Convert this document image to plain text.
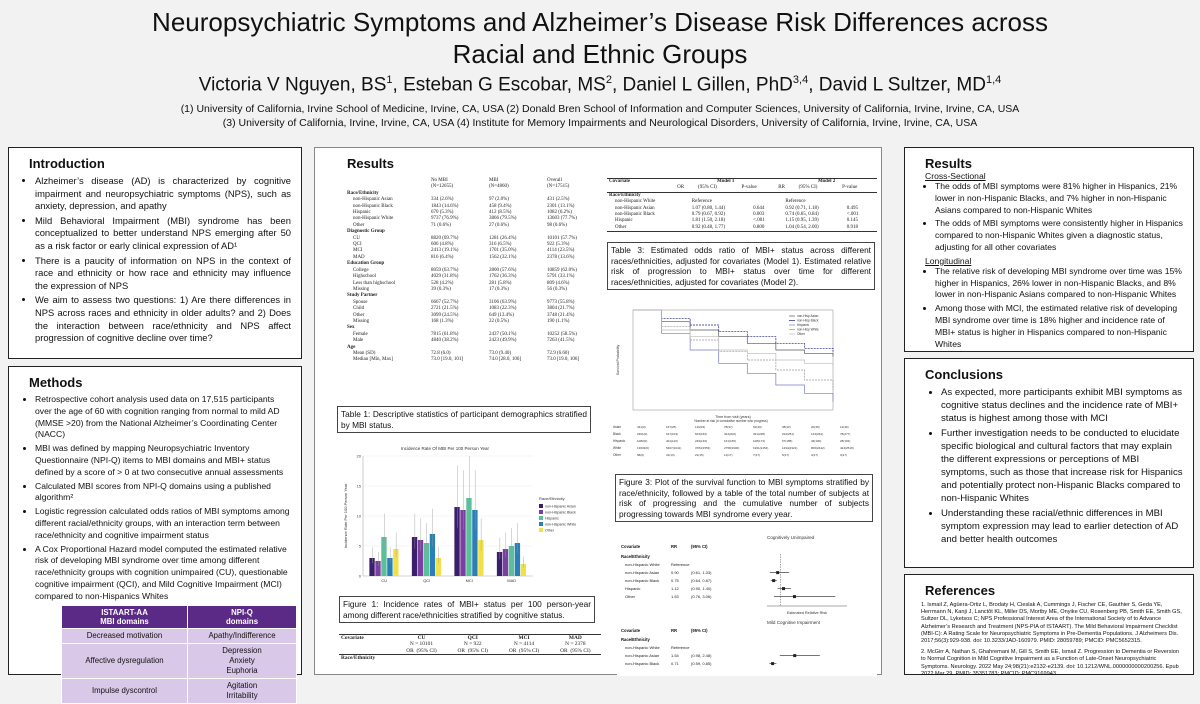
Neuropsychiatric Symptoms and Alzheimer’s Disease Risk Differences across Racial and Ethnic Groups
Victoria V Nguyen, $BS^1$, Esteban G Escobar, $MS^2$, Daniel L Gillen, PhD$^{3,4}$, David L Sultzer, MD$^{1,4}$
(1) University of California, Irvine School of Medicine, Irvine, CA, USA (2) Donald Bren School of Information and Computer Sciences, University of California, Irvine, Irvine, CA, USA
(3) University of California, Irvine, Irvine, CA, USA (4) Institute for Memory Impairments and Neurological Disorders, University of California, Irvine, Irvine, CA, USA
Introduction
• Alzheimer’s disease (AD) is characterized by cognitive impairment and neuropsychiatric symptoms (NPS), such as anxiety, depression, and apathy
• Mild Behavioral Impairment (MBI) syndrome has been conceptualized to better understand NPS emerging after 50 as a risk factor or early clinical expression of AD¹
• There is a paucity of information on NPS in the context of race and ethnicity or how race and ethnicity may influence the expression of NPS
• We aim to assess two questions: 1) Are there differences in NPS across races and ethnicity in older adults? and 2) Does the interaction between race/ethnicity and NPS affect progression of cognitive decline over time?
Methods
• Retrospective cohort analysis used data on 17,515 participants over the age of 60 with cognition ranging from normal to mild AD (MMSE >20) from the National Alzheimer’s Coordinating Center (NACC)
• MBI was defined by mapping Neuropsychiatric Inventory Questionnaire (NPI-Q) items to MBI domains and MBI+ status defined by a score of > 0 at two consecutive annual assessments
• Calculated MBI scores from NPI-Q domains using a published algorithm²
• Logistic regression calculated odds ratios of MBI symptoms among different racial/ethnicity groups, with an interaction term between race/ethnicity and cognitive impairment status
• A Cox Proportional Hazard model computed the estimated relative risk of developing MBI syndrome over time among different race/ethnicity groups with cognition unimpaired (CU), questionable cognitive impairment (QCI), and Mild Cognitive Impairment (MCI) compared to non-Hispanics Whites
ISTAART-AA
MBI domains	NPI-Q
domains
Decreased motivation	Apathy/Indifference
Affective dysregulation	Depression
Anxiety
Euphoria
Impulse dyscontrol	Agitation
Irritability
Results
	No MBI	MBI	Overall
	(N=12655)	(N=4860)	(N=17515)
Race/Ethnicity			
non-Hispanic Asian	334 (2.6%)	97 (2.0%)	431 (2.5%)
non-Hispanic Black	1843 (14.6%)	458 (9.4%)	2301 (13.1%)
Hispanic	670 (5.3%)	412 (8.5%)	1082 (6.2%)
non-Hispanic White	9737 (76.9%)	3866 (79.5%)	13603 (77.7%)
Other	71 (0.6%)	27 (0.6%)	98 (0.6%)
Diagnostic Group			
CU	8820 (69.7%)	1281 (26.4%)	10101 (57.7%)
QCI	606 (4.8%)	316 (6.5%)	922 (5.3%)
MCI	2413 (19.1%)	1701 (35.0%)	4114 (23.5%)
MAD	816 (6.4%)	1562 (32.1%)	2378 (13.6%)
Education Group			
College	8059 (63.7%)	2800 (57.6%)	10859 (62.0%)
Highschool	4029 (31.8%)	1762 (36.3%)	5791 (33.1%)
Less than highschool	528 (4.2%)	281 (5.8%)	809 (4.6%)
Missing	39 (0.3%)	17 (0.3%)	56 (0.3%)
Study Partner			
Spouse	6667 (52.7%)	3106 (63.9%)	9773 (55.8%)
Child	2721 (21.5%)	1083 (22.3%)	3804 (21.7%)
Other	3099 (24.5%)	649 (13.4%)	3748 (21.4%)
Missing	168 (1.3%)	22 (0.5%)	190 (1.1%)
Sex			
Female	7815 (61.8%)	2437 (50.1%)	10252 (58.5%)
Male	4840 (38.2%)	2423 (49.9%)	7263 (41.5%)
Age			
Mean (SD)	72.8 (6.0)	73.0 (9.40)	72.9 (6.60)
Median [Min, Max]	73.0 [19.0, 101]	74.0 [28.0, 106]	73.0 [19.0, 106]
Table 1: Descriptive statistics of participant demographics stratified by MBI status.
Incidence Rate Of MBI Per 100 Person Year
Incidence Rate Per 100 Person Year
0
5
10
15
20
CU	QCI	MCI	MAD
Race/Ethnicity
non-Hispanic Asian
non-Hispanic Black
Hispanic
non-Hispanic White
Other
Figure 1: Incidence rates of MBI+ status per 100 person-year among different race/ethnicities stratified by cognitive status.
Covariate	CU	QCI	MCI	MAD
	N = 10101	N = 922	N = 4114	N = 2378
	OR (95% CI)	OR (95% CI)	OR (95% CI)	OR (95% CI)
Race/Ethnicity				
Covariate	Model 1			Model 2		
	OR	(95% CI)	P-value	RR	(95% CI)	P-value
Race/Ethnicity						
non-Hispanic White	Reference			Reference		
non-Hispanic Asian	1.07 (0.80, 1.44)	0.644		0.92 (0.71, 1.18)	0.495	
non-Hispanic Black	0.79 (0.67, 0.92)	0.003		0.74 (0.65, 0.84)	<.001	
Hispanic	1.81 (1.50, 2.18)	<.001		1.15 (0.95, 1.39)	0.145	
Other	0.92 (0.48, 1.77)	0.800		1.04 (0.54, 2.00)	0.918	
Table 3: Estimated odds ratio of MBI+ status across different races/ethnicities, adjusted for covariates (Model 1). Estimated relative risk of progression to MBI+ status over time for different races/ethnicities, adjusted for covariates (Model 2).
Survival Probability
Time from visit (years)
non-Hisp Asian
non-Hisp Black
Hispanic
non-Hisp White
Other
Number at risk (# cumulative number who progress)
Asian	431(0)	167(25)	116(33)	78(37)	52(40)	38(42)	20(45)	12(46)
Black	2301(0)	917(103)	623(162)	444(202)	331(228)	222(251)	143(263)	78(277)
Hispanic	1082(0)	401(110)	249(149)	161(165)	108(173)	67(185)	46(190)	28(193)
White	13603(0)	5407(1041)	3784(1553)	2758(1900)	1961(2154)	1294(2321)	806(2442)	424(2519)
Other	98(0)	31(13)	21(15)	11(17)	7(17)	5(17)	4(17)	3(17)
Figure 3: Plot of the survival function to MBI symptoms stratified by race/ethnicity, followed by a table of the total number of subjects at risk of progressing and the cumulative number of subjects progressing towards MBI syndrome every year.
Cognitively Unimpaired
Covariate	RR	(95% CI)
Race/Ethnicity
non-Hispanic White	Reference
non-Hispanic Asian	0.90	(0.61, 1.33)
non-Hispanic Black	0.75	(0.64, 0.87)
Hispanic	1.12	(0.90, 1.40)
Other	1.53	(0.76, 3.06)
Estimated Relative Risk
Mild Cognitive Impairment
Covariate	RR	(95% CI)
Race/Ethnicity
non-Hispanic White	Reference
non-Hispanic Asian	1.54	(0.98, 2.48)
non-Hispanic Black	0.71	(0.59, 0.85)
Results
Cross-Sectional
• The odds of MBI symptoms were 81% higher in Hispanics, 21% lower in non-Hispanic Blacks, and 7% higher in non-Hispanic Asians compared to non-Hispanic Whites
• The odds of MBI symptoms were consistently higher in Hispanics compared to non-Hispanic Whites given a diagnostic status, adjusting for all other covariates
Longitudinal
• The relative risk of developing MBI syndrome over time was 15% higher in Hispanics, 26% lower in non-Hispanic Blacks, and 8% lower in non-Hispanic Asians compared to non-Hispanic Whites
• Among those with MCI, the estimated relative risk of developing MBI syndrome over time is 18% higher and incidence rate of MBI+ status is higher in Hispanics compared to non-Hispanic Whites
Conclusions
• As expected, more participants exhibit MBI symptoms as cognitive status declines and the incidence rate of MBI+ status is highest among those with MCI
• Further investigation needs to be conducted to elucidate specific biological and cultural factors that may explain the different expressions or perceptions of MBI symptoms, such as those that increase risk for Hispanics and potentially protect non-Hispanic Blacks compared to non-Hispanic Whites
• Understanding these racial/ethnic differences in MBI symptom expression may lead to earlier detection of AD and better health outcomes
References

1. Ismail Z, Agüera-Ortiz L, Brodaty H, Cieslak A, Cummings J, Fischer CE, Gauthier S, Geda YE, Herrmann N, Kanji J, Lanctôt KL, Miller DS, Mortby ME, Onyike CU, Rosenberg PB, Smith EE, Smith GS, Sultzer DL, Lyketsos C; NPS Professional Interest Area of the International Society of to Advance Alzheimer’s Research and Treatment (NPS-PIA of ISTAART). The Mild Behavioral Impairment Checklist (MBI-C): A Rating Scale for Neuropsychiatric Symptoms in Pre-Dementia Populations. J Alzheimers Dis. 2017;56(3):929-938. doi: 10.3233/JAD-160979. PMID: 28059789; PMCID: PMC5652315.

2. McGirr A, Nathan S, Ghahremani M, Gill S, Smith EE, Ismail Z. Progression to Dementia or Reversion to Normal Cognition in Mild Cognitive Impairment as a Function of Late-Onset Neuropsychiatric Symptoms. Neurology. 2022 May 24;98(21):e2132-e2139. doi: 10.1212/WNL.0000000000200256. Epub 2022 Mar 29. PMID: 35351783; PMCID: PMC9169943.
